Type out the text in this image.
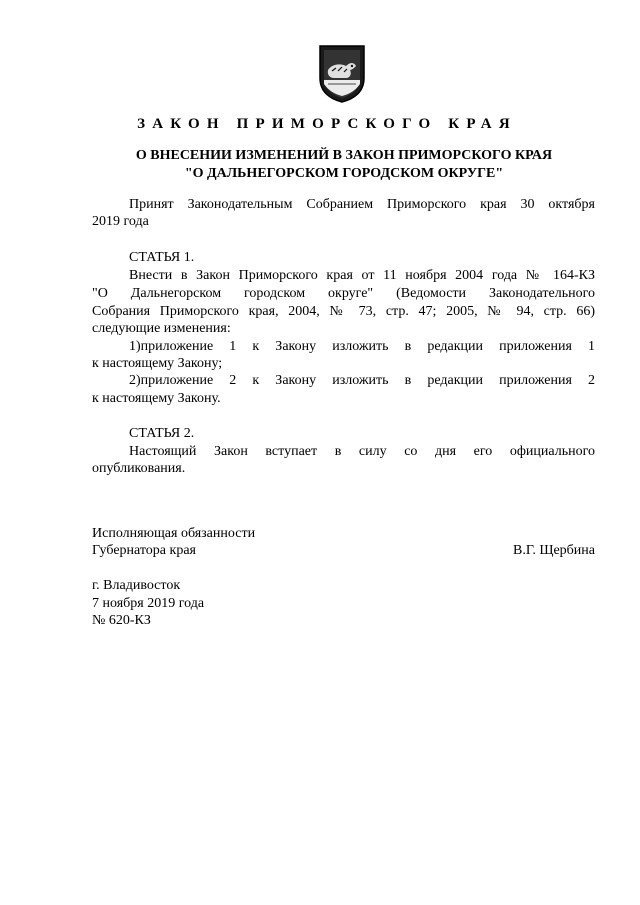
ЗАКОН ПРИМОРСКОГО КРАЯ
О ВНЕСЕНИИ ИЗМЕНЕНИЙ В ЗАКОН ПРИМОРСКОГО КРАЯ
"О ДАЛЬНЕГОРСКОМ ГОРОДСКОМ ОКРУГЕ"
Принят Законодательным Собранием Приморского края 30 октября
2019 года
СТАТЬЯ 1.
Внести в Закон Приморского края от 11 ноября 2004 года № 164-КЗ
"О Дальнегорском городском округе" (Ведомости Законодательного
Собрания Приморского края, 2004, № 73, стр. 47; 2005, № 94, стр. 66)
следующие изменения:
1)приложение 1 к Закону изложить в редакции приложения 1
к настоящему Закону;
2)приложение 2 к Закону изложить в редакции приложения 2
к настоящему Закону.
СТАТЬЯ 2.
Настоящий Закон вступает в силу со дня его официального
опубликования.
Исполняющая обязанности
Губернатора края	В.Г. Щербина
г. Владивосток
7 ноября 2019 года
№ 620-КЗ
